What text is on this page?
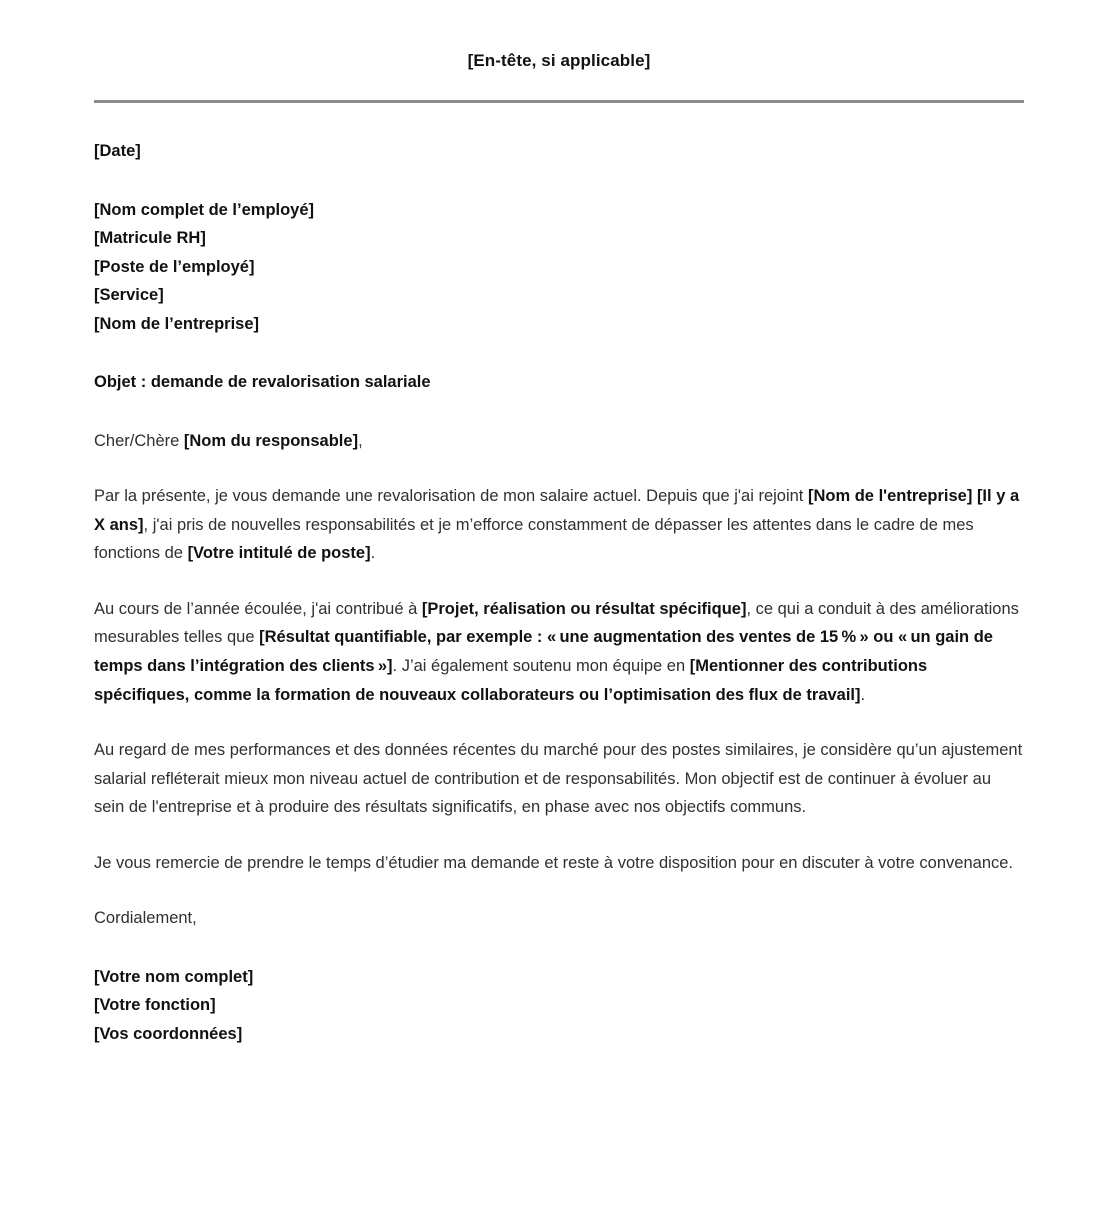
[En-tête, si applicable]

[Date]

[Nom complet de l’employé]
[Matricule RH]
[Poste de l’employé]
[Service]
[Nom de l’entreprise]

Objet : demande de revalorisation salariale

Cher/Chère [Nom du responsable],

Par la présente, je vous demande une revalorisation de mon salaire actuel. Depuis que j'ai rejoint [Nom de l'entreprise] [Il y a X ans], j'ai pris de nouvelles responsabilités et je m’efforce constamment de dépasser les attentes dans le cadre de mes fonctions de [Votre intitulé de poste].

Au cours de l’année écoulée, j'ai contribué à [Projet, réalisation ou résultat spécifique], ce qui a conduit à des améliorations mesurables telles que [Résultat quantifiable, par exemple : « une augmentation des ventes de 15 % » ou « un gain de temps dans l’intégration des clients »]. J’ai également soutenu mon équipe en [Mentionner des contributions spécifiques, comme la formation de nouveaux collaborateurs ou l’optimisation des flux de travail].

Au regard de mes performances et des données récentes du marché pour des postes similaires, je considère qu’un ajustement salarial refléterait mieux mon niveau actuel de contribution et de responsabilités. Mon objectif est de continuer à évoluer au sein de l'entreprise et à produire des résultats significatifs, en phase avec nos objectifs communs.

Je vous remercie de prendre le temps d’étudier ma demande et reste à votre disposition pour en discuter à votre convenance.

Cordialement,

[Votre nom complet]
[Votre fonction]
[Vos coordonnées]
